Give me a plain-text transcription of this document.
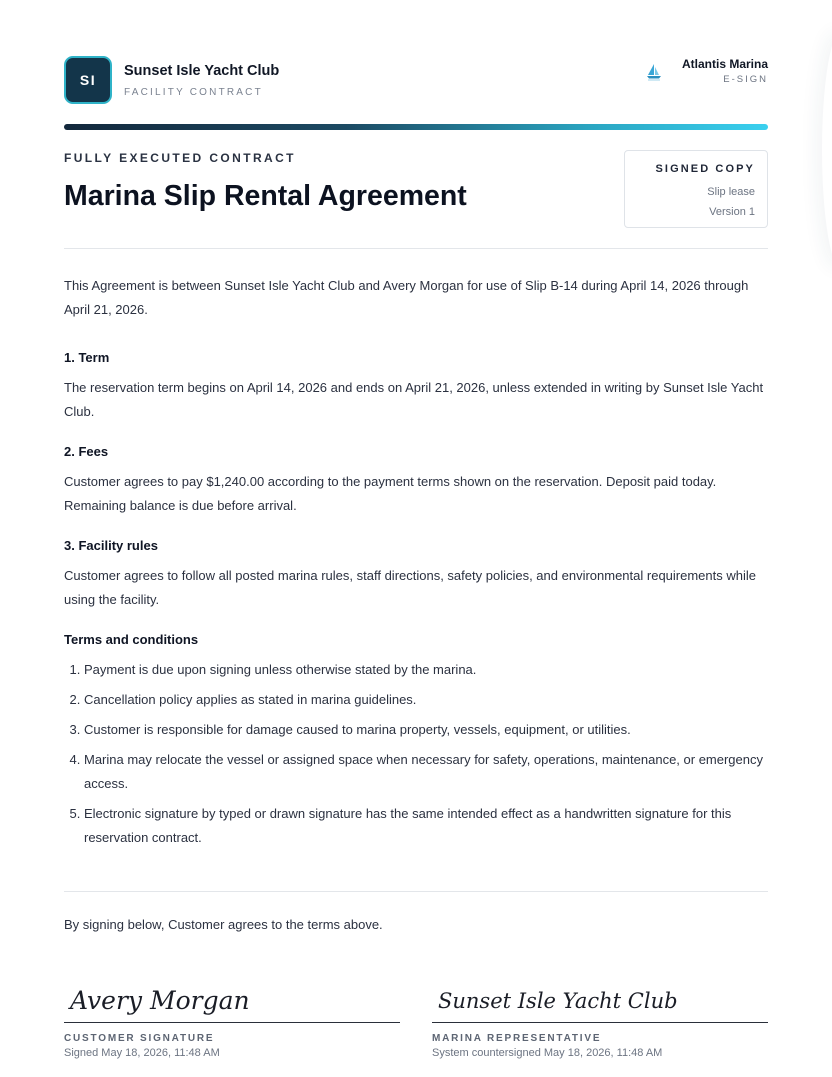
SI
Sunset Isle Yacht Club
FACILITY CONTRACT
Atlantis Marina
E-SIGN
FULLY EXECUTED CONTRACT
Marina Slip Rental Agreement
SIGNED COPY
Slip lease
Version 1

This Agreement is between Sunset Isle Yacht Club and Avery Morgan for use of Slip B-14 during April 14, 2026 through April 21, 2026.

1. Term

The reservation term begins on April 14, 2026 and ends on April 21, 2026, unless extended in writing by Sunset Isle Yacht Club.

2. Fees

Customer agrees to pay $1,240.00 according to the payment terms shown on the reservation. Deposit paid today. Remaining balance is due before arrival.

3. Facility rules

Customer agrees to follow all posted marina rules, staff directions, safety policies, and environmental requirements while using the facility.

Terms and conditions
1. Payment is due upon signing unless otherwise stated by the marina.
2. Cancellation policy applies as stated in marina guidelines.
3. Customer is responsible for damage caused to marina property, vessels, equipment, or utilities.
4. Marina may relocate the vessel or assigned space when necessary for safety, operations, maintenance, or emergency access.
5. Electronic signature by typed or drawn signature has the same intended effect as a handwritten signature for this reservation contract.
By signing below, Customer agrees to the terms above.
Avery Morgan
CUSTOMER SIGNATURE
Signed May 18, 2026, 11:48 AM
Sunset Isle Yacht Club
MARINA REPRESENTATIVE
System countersigned May 18, 2026, 11:48 AM
